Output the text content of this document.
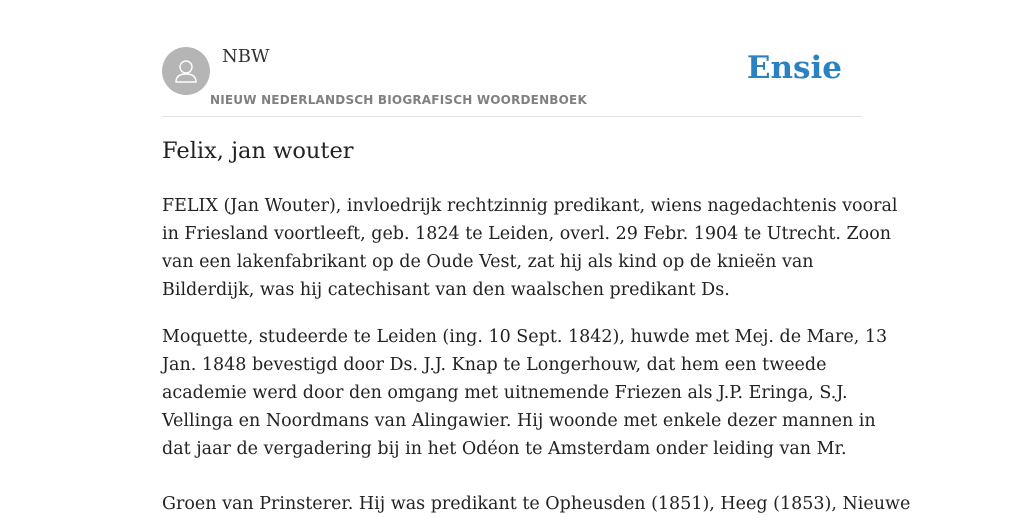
NBW
NIEUW NEDERLANDSCH BIOGRAFISCH WOORDENBOEK
Ensie
Felix, jan wouter

FELIX (Jan Wouter), invloedrijk rechtzinnig predikant, wiens nagedachtenis vooral
in Friesland voortleeft, geb. 1824 te Leiden, overl. 29 Febr. 1904 te Utrecht. Zoon
van een lakenfabrikant op de Oude Vest, zat hij als kind op de knieën van
Bilderdijk, was hij catechisant van den waalschen predikant Ds.

Moquette, studeerde te Leiden (ing. 10 Sept. 1842), huwde met Mej. de Mare, 13
Jan. 1848 bevestigd door Ds. J.J. Knap te Longerhouw, dat hem een tweede
academie werd door den omgang met uitnemende Friezen als J.P. Eringa, S.J.
Vellinga en Noordmans van Alingawier. Hij woonde met enkele dezer mannen in
dat jaar de vergadering bij in het Odéon te Amsterdam onder leiding van Mr.

Groen van Prinsterer. Hij was predikant te Opheusden (1851), Heeg (1853), Nieuwe
